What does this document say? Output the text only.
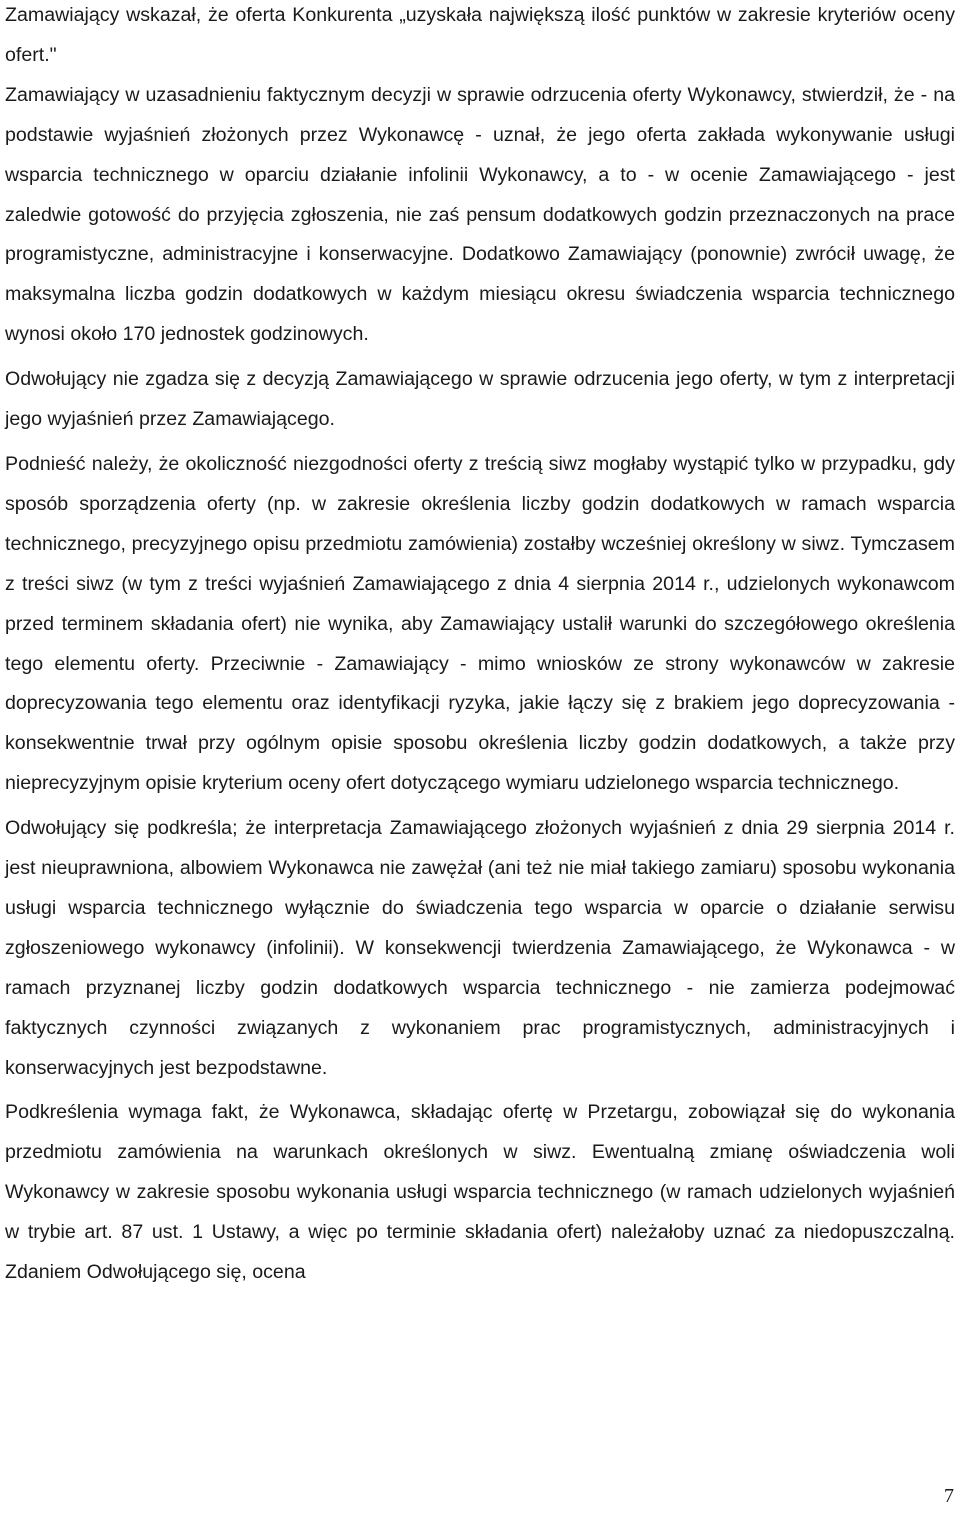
Zamawiający wskazał, że oferta Konkurenta „uzyskała największą ilość punktów w zakresie kryteriów oceny ofert."

Zamawiający w uzasadnieniu faktycznym decyzji w sprawie odrzucenia oferty Wykonawcy, stwierdził, że - na podstawie wyjaśnień złożonych przez Wykonawcę - uznał, że jego oferta zakłada wykonywanie usługi wsparcia technicznego w oparciu działanie infolinii Wykonawcy, a to - w ocenie Zamawiającego - jest zaledwie gotowość do przyjęcia zgłoszenia, nie zaś pensum dodatkowych godzin przeznaczonych na prace programistyczne, administracyjne i konserwacyjne. Dodatkowo Zamawiający (ponownie) zwrócił uwagę, że maksymalna liczba godzin dodatkowych w każdym miesiącu okresu świadczenia wsparcia technicznego wynosi około 170 jednostek godzinowych.

Odwołujący nie zgadza się z decyzją Zamawiającego w sprawie odrzucenia jego oferty, w tym z interpretacji jego wyjaśnień przez Zamawiającego.

Podnieść należy, że okoliczność niezgodności oferty z treścią siwz mogłaby wystąpić tylko w przypadku, gdy sposób sporządzenia oferty (np. w zakresie określenia liczby godzin dodatkowych w ramach wsparcia technicznego, precyzyjnego opisu przedmiotu zamówienia) zostałby wcześniej określony w siwz. Tymczasem z treści siwz (w tym z treści wyjaśnień Zamawiającego z dnia 4 sierpnia 2014 r., udzielonych wykonawcom przed terminem składania ofert) nie wynika, aby Zamawiający ustalił warunki do szczegółowego określenia tego elementu oferty. Przeciwnie - Zamawiający - mimo wniosków ze strony wykonawców w zakresie doprecyzowania tego elementu oraz identyfikacji ryzyka, jakie łączy się z brakiem jego doprecyzowania - konsekwentnie trwał przy ogólnym opisie sposobu określenia liczby godzin dodatkowych, a także przy nieprecyzyjnym opisie kryterium oceny ofert dotyczącego wymiaru udzielonego wsparcia technicznego.

Odwołujący się podkreśla; że interpretacja Zamawiającego złożonych wyjaśnień z dnia 29 sierpnia 2014 r. jest nieuprawniona, albowiem Wykonawca nie zawężał (ani też nie miał takiego zamiaru) sposobu wykonania usługi wsparcia technicznego wyłącznie do świadczenia tego wsparcia w oparcie o działanie serwisu zgłoszeniowego wykonawcy (infolinii). W konsekwencji twierdzenia Zamawiającego, że Wykonawca - w ramach przyznanej liczby godzin dodatkowych wsparcia technicznego - nie zamierza podejmować faktycznych czynności związanych z wykonaniem prac programistycznych, administracyjnych i konserwacyjnych jest bezpodstawne.

Podkreślenia wymaga fakt, że Wykonawca, składając ofertę w Przetargu, zobowiązał się do wykonania przedmiotu zamówienia na warunkach określonych w siwz. Ewentualną zmianę oświadczenia woli Wykonawcy w zakresie sposobu wykonania usługi wsparcia technicznego (w ramach udzielonych wyjaśnień w trybie art. 87 ust. 1 Ustawy, a więc po terminie składania ofert) należałoby uznać za niedopuszczalną. Zdaniem Odwołującego się, ocena

7
